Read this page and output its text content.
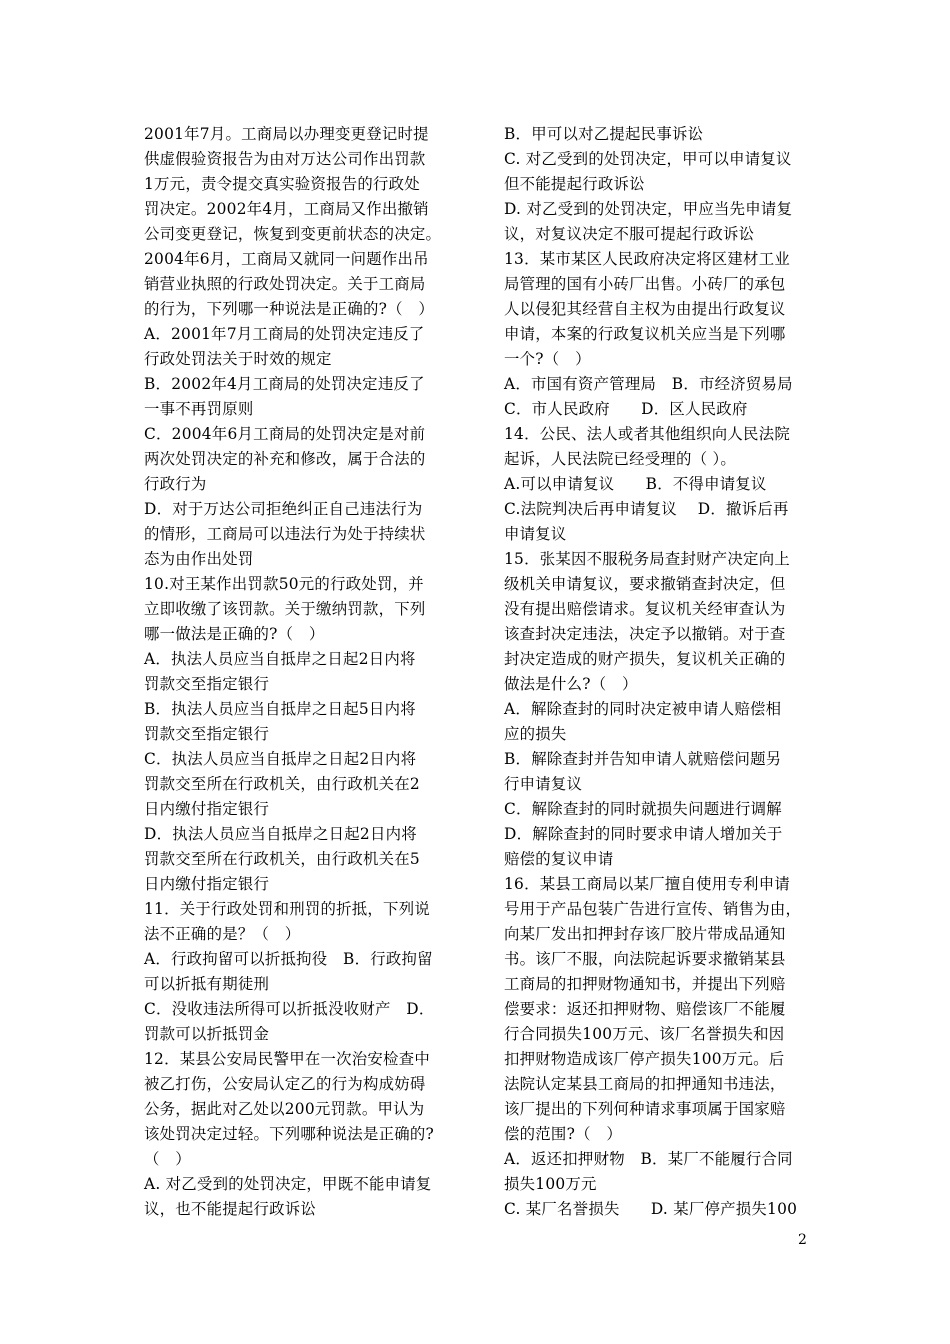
2001年7月。工商局以办理变更登记时提
供虚假验资报告为由对万达公司作出罚款
1万元，责令提交真实验资报告的行政处
罚决定。2002年4月，工商局又作出撤销
公司变更登记，恢复到变更前状态的决定。
2004年6月，工商局又就同一问题作出吊
销营业执照的行政处罚决定。关于工商局
的行为，下列哪一种说法是正确的?（　）
A．2001年7月工商局的处罚决定违反了
行政处罚法关于时效的规定
B．2002年4月工商局的处罚决定违反了
一事不再罚原则
C．2004年6月工商局的处罚决定是对前
两次处罚决定的补充和修改，属于合法的
行政行为
D．对于万达公司拒绝纠正自己违法行为
的情形，工商局可以违法行为处于持续状
态为由作出处罚
10.对王某作出罚款50元的行政处罚，并
立即收缴了该罚款。关于缴纳罚款，下列
哪一做法是正确的?（　）
A．执法人员应当自抵岸之日起2日内将
罚款交至指定银行
B．执法人员应当自抵岸之日起5日内将
罚款交至指定银行
C．执法人员应当自抵岸之日起2日内将
罚款交至所在行政机关，由行政机关在2
日内缴付指定银行
D．执法人员应当自抵岸之日起2日内将
罚款交至所在行政机关，由行政机关在5
日内缴付指定银行
11．关于行政处罚和刑罚的折抵，下列说
法不正确的是？（　）
A．行政拘留可以折抵拘役　B．行政拘留
可以折抵有期徒刑
C．没收违法所得可以折抵没收财产　D．
罚款可以折抵罚金
12．某县公安局民警甲在一次治安检查中
被乙打伤，公安局认定乙的行为构成妨碍
公务，据此对乙处以200元罚款。甲认为
该处罚决定过轻。下列哪种说法是正确的?
（　）
A. 对乙受到的处罚决定，甲既不能申请复
议，也不能提起行政诉讼
B．甲可以对乙提起民事诉讼
C. 对乙受到的处罚决定，甲可以申请复议
但不能提起行政诉讼
D. 对乙受到的处罚决定，甲应当先申请复
议，对复议决定不服可提起行政诉讼
13．某市某区人民政府决定将区建材工业
局管理的国有小砖厂出售。小砖厂的承包
人以侵犯其经营自主权为由提出行政复议
申请，本案的行政复议机关应当是下列哪
一个?（　）
A．市国有资产管理局　B．市经济贸易局
C．市人民政府　　D．区人民政府
14．公民、法人或者其他组织向人民法院
起诉，人民法院已经受理的（ ）。
A.可以申请复议　　B．不得申请复议
C.法院判决后再申请复议　 D．撤诉后再
申请复议
15．张某因不服税务局查封财产决定向上
级机关申请复议，要求撤销查封决定，但
没有提出赔偿请求。复议机关经审查认为
该查封决定违法，决定予以撤销。对于查
封决定造成的财产损失，复议机关正确的
做法是什么?（　）
A．解除查封的同时决定被申请人赔偿相
应的损失
B．解除查封并告知申请人就赔偿问题另
行申请复议
C．解除查封的同时就损失问题进行调解
D．解除查封的同时要求申请人增加关于
赔偿的复议申请
16．某县工商局以某厂擅自使用专利申请
号用于产品包装广告进行宣传、销售为由，
向某厂发出扣押封存该厂胶片带成品通知
书。该厂不服，向法院起诉要求撤销某县
工商局的扣押财物通知书，并提出下列赔
偿要求：返还扣押财物、赔偿该厂不能履
行合同损失100万元、该厂名誉损失和因
扣押财物造成该厂停产损失100万元。后
法院认定某县工商局的扣押通知书违法，
该厂提出的下列何种请求事项属于国家赔
偿的范围?（　）
A．返还扣押财物　B．某厂不能履行合同
损失100万元
C. 某厂名誉损失　　D. 某厂停产损失100
2
